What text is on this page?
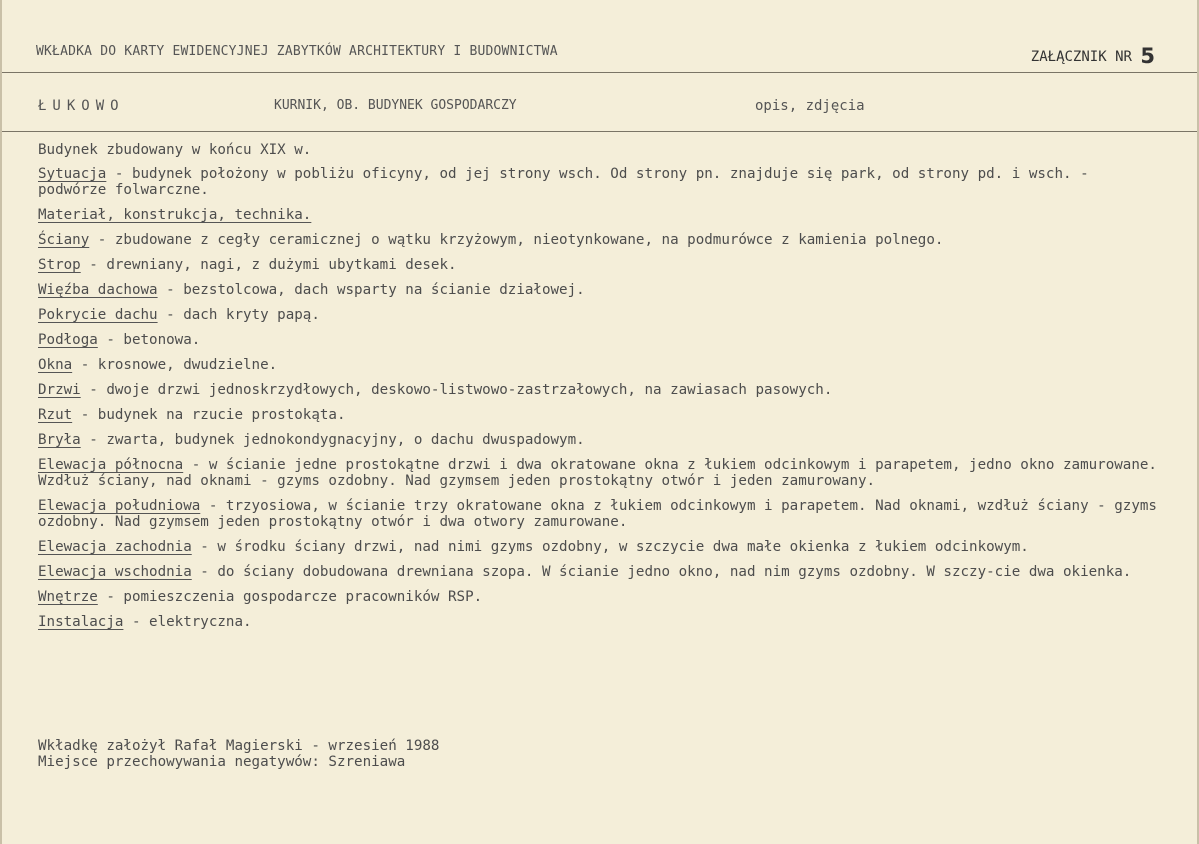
WKŁADKA DO KARTY EWIDENCYJNEJ ZABYTKÓW ARCHITEKTURY I BUDOWNICTWA	ZAŁĄCZNIK NR 5
ŁUKOWO	KURNIK, OB. BUDYNEK GOSPODARCZY	opis, zdjęcia

Budynek zbudowany w końcu XIX w.

Sytuacja - budynek położony w pobliżu oficyny, od jej strony wsch. Od strony pn. znajduje się park, od strony pd. i wsch. - podwórze folwarczne.

Materiał, konstrukcja, technika.

Ściany - zbudowane z cegły ceramicznej o wątku krzyżowym, nieotynkowane, na podmurówce z kamienia polnego.

Strop - drewniany, nagi, z dużymi ubytkami desek.

Więźba dachowa - bezstolcowa, dach wsparty na ścianie działowej.

Pokrycie dachu - dach kryty papą.

Podłoga - betonowa.

Okna - krosnowe, dwudzielne.

Drzwi - dwoje drzwi jednoskrzydłowych, deskowo-listwowo-zastrzałowych, na zawiasach pasowych.

Rzut - budynek na rzucie prostokąta.

Bryła - zwarta, budynek jednokondygnacyjny, o dachu dwuspadowym.

Elewacja północna - w ścianie jedne prostokątne drzwi i dwa okratowane okna z łukiem odcinkowym i parapetem, jedno okno zamurowane. Wzdłuż ściany, nad oknami - gzyms ozdobny. Nad gzymsem jeden prostokątny otwór i jeden zamurowany.

Elewacja południowa - trzyosiowa, w ścianie trzy okratowane okna z łukiem odcinkowym i parapetem. Nad oknami, wzdłuż ściany - gzyms ozdobny. Nad gzymsem jeden prostokątny otwór i dwa otwory zamurowane.

Elewacja zachodnia - w środku ściany drzwi, nad nimi gzyms ozdobny, w szczycie dwa małe okienka z łukiem odcinkowym.

Elewacja wschodnia - do ściany dobudowana drewniana szopa. W ścianie jedno okno, nad nim gzyms ozdobny. W szczy-cie dwa okienka.

Wnętrze - pomieszczenia gospodarcze pracowników RSP.

Instalacja - elektryczna.

Wkładkę założył Rafał Magierski - wrzesień 1988
Miejsce przechowywania negatywów: Szreniawa
